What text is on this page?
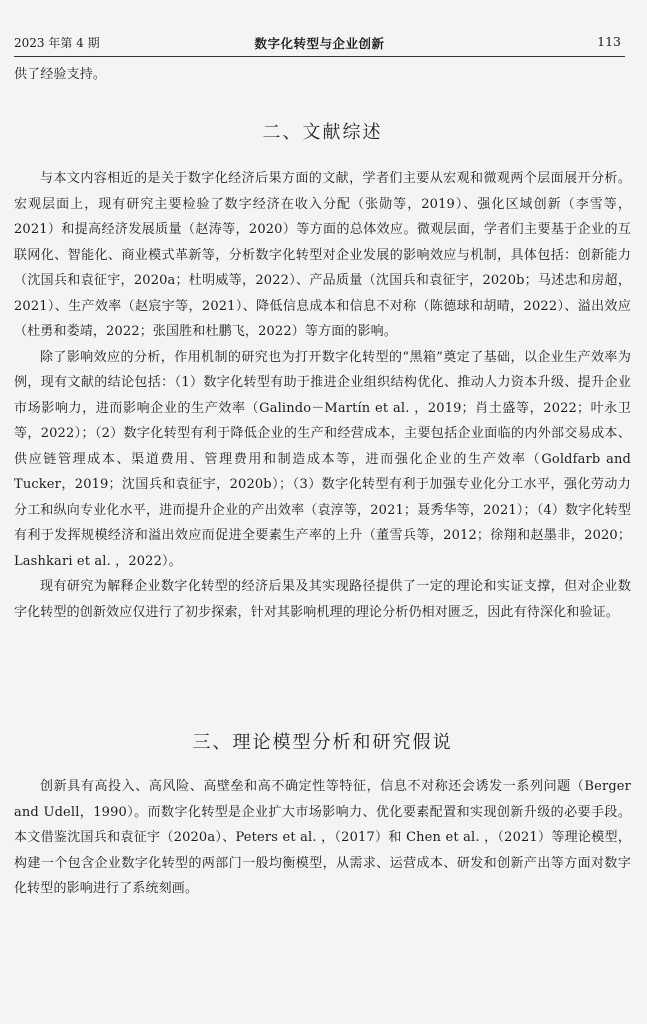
2023 年第 4 期	数字化转型与企业创新	113

供了经验支持。

二、文献综述

与本文内容相近的是关于数字化经济后果方面的文献，学者们主要从宏观和微观两个层面展开分析。宏观层面上，现有研究主要检验了数字经济在收入分配（张勋等，2019）、强化区域创新（李雪等，2021）和提高经济发展质量（赵涛等，2020）等方面的总体效应。微观层面，学者们主要基于企业的互联网化、智能化、商业模式革新等，分析数字化转型对企业发展的影响效应与机制，具体包括：创新能力（沈国兵和袁征宇，2020a；杜明威等，2022）、产品质量（沈国兵和袁征宇，2020b；马述忠和房超，2021）、生产效率（赵宸宇等，2021）、降低信息成本和信息不对称（陈德球和胡晴，2022）、溢出效应（杜勇和娄靖，2022；张国胜和杜鹏飞，2022）等方面的影响。

除了影响效应的分析，作用机制的研究也为打开数字化转型的“黑箱”奠定了基础，以企业生产效率为例，现有文献的结论包括：（1）数字化转型有助于推进企业组织结构优化、推动人力资本升级、提升企业市场影响力，进而影响企业的生产效率（Galindo－Martín et al. ，2019；肖土盛等，2022；叶永卫等，2022）；（2）数字化转型有利于降低企业的生产和经营成本，主要包括企业面临的内外部交易成本、供应链管理成本、渠道费用、管理费用和制造成本等，进而强化企业的生产效率（Goldfarb and Tucker，2019；沈国兵和袁征宇，2020b）；（3）数字化转型有利于加强专业化分工水平，强化劳动力分工和纵向专业化水平，进而提升企业的产出效率（袁淳等，2021；聂秀华等，2021）；（4）数字化转型有利于发挥规模经济和溢出效应而促进全要素生产率的上升（董雪兵等，2012；徐翔和赵墨非，2020；Lashkari et al. ，2022）。

现有研究为解释企业数字化转型的经济后果及其实现路径提供了一定的理论和实证支撑，但对企业数字化转型的创新效应仅进行了初步探索，针对其影响机理的理论分析仍相对匮乏，因此有待深化和验证。

三、理论模型分析和研究假说

创新具有高投入、高风险、高壁垒和高不确定性等特征，信息不对称还会诱发一系列问题（Berger and Udell，1990）。而数字化转型是企业扩大市场影响力、优化要素配置和实现创新升级的必要手段。本文借鉴沈国兵和袁征宇（2020a）、Peters et al. ，（2017）和 Chen et al. ，（2021）等理论模型，构建一个包含企业数字化转型的两部门一般均衡模型，从需求、运营成本、研发和创新产出等方面对数字化转型的影响进行了系统刻画。
